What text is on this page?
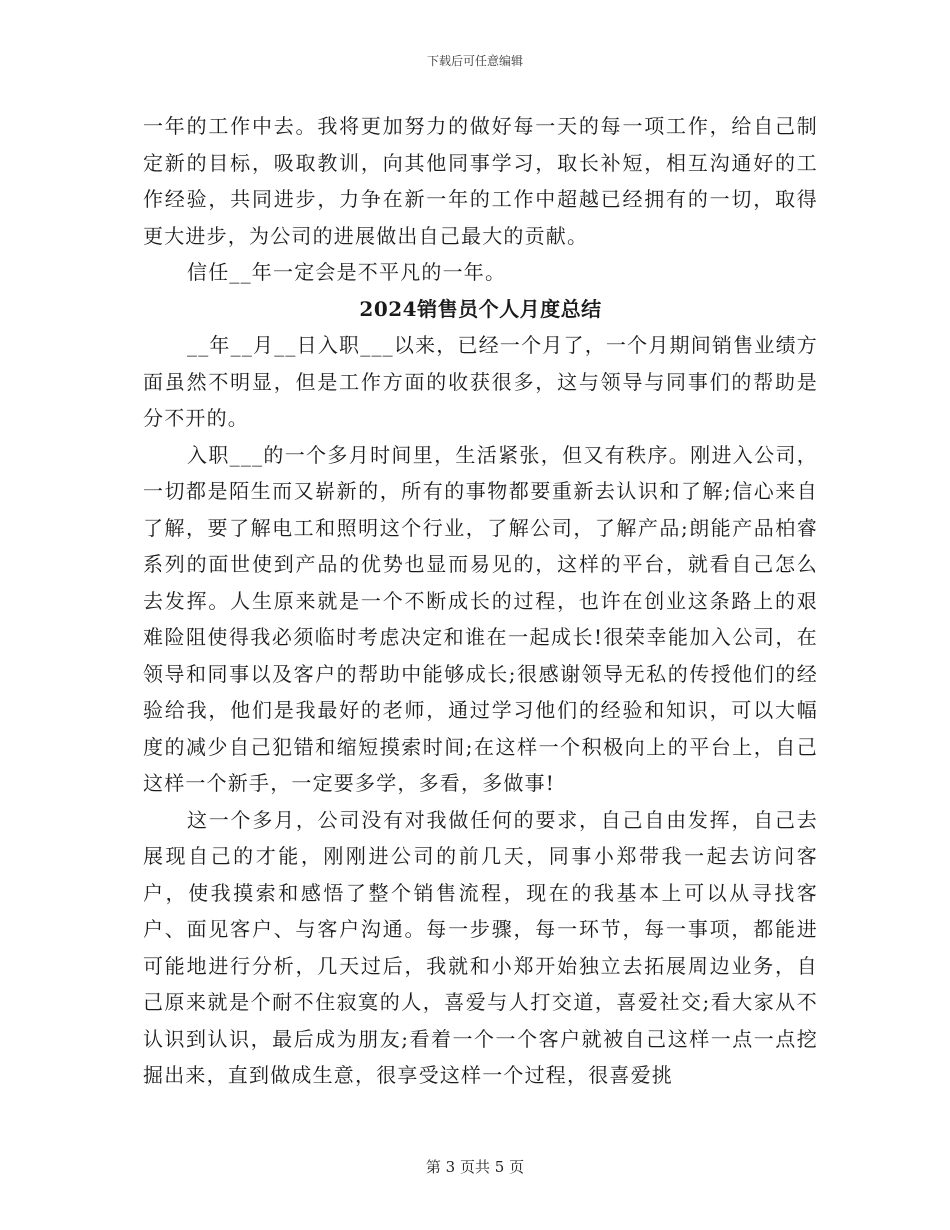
下载后可任意编辑

一年的工作中去。我将更加努力的做好每一天的每一项工作，给自己制定新的目标，吸取教训，向其他同事学习，取长补短，相互沟通好的工作经验，共同进步，力争在新一年的工作中超越已经拥有的一切，取得更大进步，为公司的进展做出自己最大的贡献。

信任__年一定会是不平凡的一年。

2024销售员个人月度总结

__年__月__日入职___以来，已经一个月了，一个月期间销售业绩方面虽然不明显，但是工作方面的收获很多，这与领导与同事们的帮助是分不开的。

入职___的一个多月时间里，生活紧张，但又有秩序。刚进入公司，一切都是陌生而又崭新的，所有的事物都要重新去认识和了解;信心来自了解，要了解电工和照明这个行业，了解公司，了解产品;朗能产品柏睿系列的面世使到产品的优势也显而易见的，这样的平台，就看自己怎么去发挥。人生原来就是一个不断成长的过程，也许在创业这条路上的艰难险阻使得我必须临时考虑决定和谁在一起成长!很荣幸能加入公司，在领导和同事以及客户的帮助中能够成长;很感谢领导无私的传授他们的经验给我，他们是我最好的老师，通过学习他们的经验和知识，可以大幅度的减少自己犯错和缩短摸索时间;在这样一个积极向上的平台上，自己这样一个新手，一定要多学，多看，多做事!

这一个多月，公司没有对我做任何的要求，自己自由发挥，自己去展现自己的才能，刚刚进公司的前几天，同事小郑带我一起去访问客户，使我摸索和感悟了整个销售流程，现在的我基本上可以从寻找客户、面见客户、与客户沟通。每一步骤，每一环节，每一事项，都能进可能地进行分析，几天过后，我就和小郑开始独立去拓展周边业务，自己原来就是个耐不住寂寞的人，喜爱与人打交道，喜爱社交;看大家从不认识到认识，最后成为朋友;看着一个一个客户就被自己这样一点一点挖掘出来，直到做成生意，很享受这样一个过程，很喜爱挑

第 3 页共 5 页
